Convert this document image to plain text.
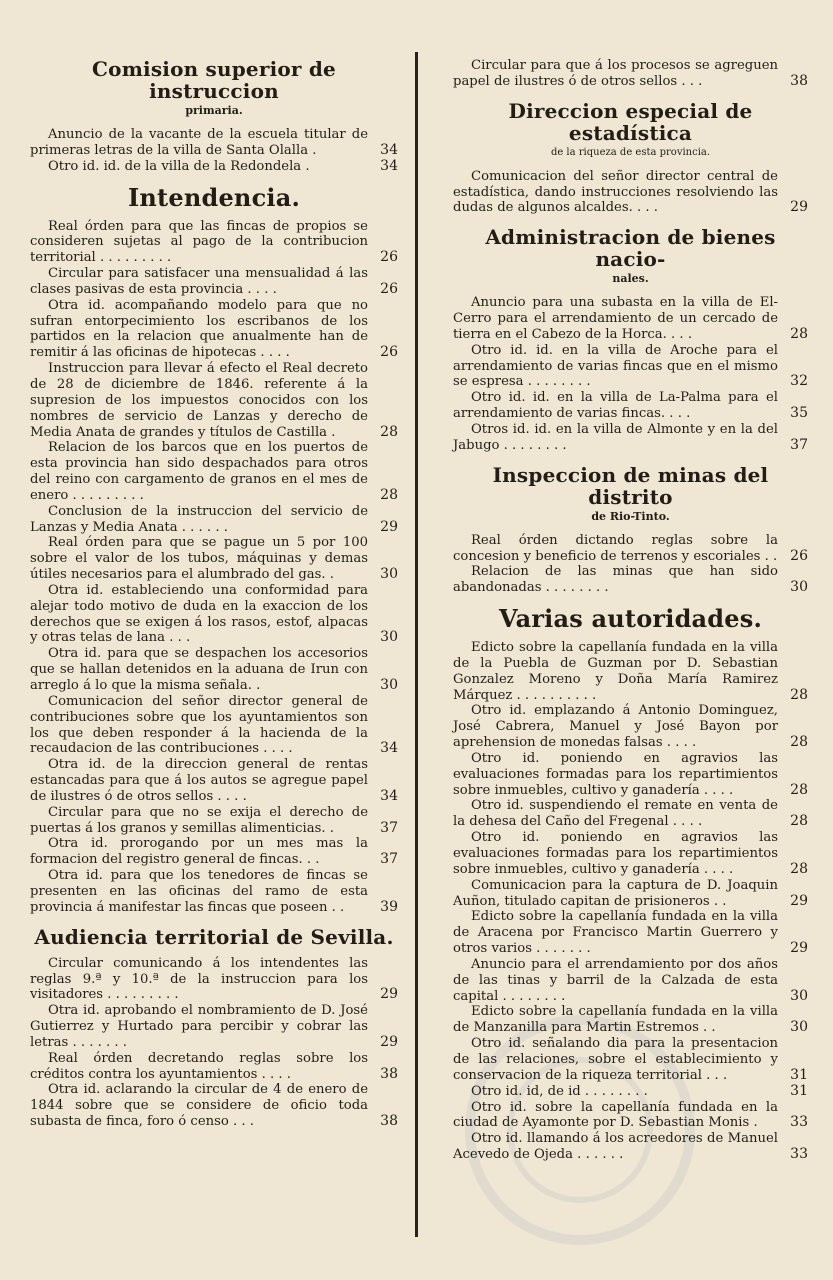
Comision superior de instruccion
primaria.
Anuncio de la vacante de la escuela titular de primeras letras de la villa de Santa Olalla .	34
Otro id. id. de la villa de la Redondela .	34
Intendencia.
Real órden para que las fincas de propios se consideren sujetas al pago de la contribucion territorial . . . . . . . . .	26
Circular para satisfacer una mensualidad á las clases pasivas de esta provincia . . . .	26
Otra id. acompañando modelo para que no sufran entorpecimiento los escribanos de los partidos en la relacion que anualmente han de remitir á las oficinas de hipotecas . . . .	26
Instruccion para llevar á efecto el Real decreto de 28 de diciembre de 1846. referente á la supresion de los impuestos conocidos con los nombres de servicio de Lanzas y derecho de Media Anata de grandes y títulos de Castilla .	28
Relacion de los barcos que en los puertos de esta provincia han sido despachados para otros del reino con cargamento de granos en el mes de enero . . . . . . . . .	28
Conclusion de la instruccion del servicio de Lanzas y Media Anata . . . . . .	29
Real órden para que se pague un 5 por 100 sobre el valor de los tubos, máquinas y demas útiles necesarios para el alumbrado del gas. .	30
Otra id. estableciendo una conformidad para alejar todo motivo de duda en la exaccion de los derechos que se exigen á los rasos, estof, alpacas y otras telas de lana . . .	30
Otra id. para que se despachen los accesorios que se hallan detenidos en la aduana de Irun con arreglo á lo que la misma señala. .	30
Comunicacion del señor director general de contribuciones sobre que los ayuntamientos son los que deben responder á la hacienda de la recaudacion de las contribuciones . . . .	34
Otra id. de la direccion general de rentas estancadas para que á los autos se agregue papel de ilustres ó de otros sellos . . . .	34
Circular para que no se exija el derecho de puertas á los granos y semillas alimenticias. .	37
Otra id. prorogando por un mes mas la formacion del registro general de fincas. . .	37
Otra id. para que los tenedores de fincas se presenten en las oficinas del ramo de esta provincia á manifestar las fincas que poseen . .	39
Audiencia territorial de Sevilla.
Circular comunicando á los intendentes las reglas 9.ª y 10.ª de la instruccion para los visitadores . . . . . . . . .	29
Otra id. aprobando el nombramiento de D. José Gutierrez y Hurtado para percibir y cobrar las letras . . . . . . .	29
Real órden decretando reglas sobre los créditos contra los ayuntamientos . . . .	38
Otra id. aclarando la circular de 4 de enero de 1844 sobre que se considere de oficio toda subasta de finca, foro ó censo . . .	38
Circular para que á los procesos se agreguen papel de ilustres ó de otros sellos . . .	38
Direccion especial de estadística
de la riqueza de esta provincia.
Comunicacion del señor director central de estadística, dando instrucciones resolviendo las dudas de algunos alcaldes. . . .	29
Administracion de bienes nacio-
nales.
Anuncio para una subasta en la villa de El-Cerro para el arrendamiento de un cercado de tierra en el Cabezo de la Horca. . . .	28
Otro id. id. en la villa de Aroche para el arrendamiento de varias fincas que en el mismo se espresa . . . . . . . .	32
Otro id. id. en la villa de La-Palma para el arrendamiento de varias fincas. . . .	35
Otros id. id. en la villa de Almonte y en la del Jabugo . . . . . . . .	37
Inspeccion de minas del distrito
de Rio-Tinto.
Real órden dictando reglas sobre la concesion y beneficio de terrenos y escoriales . . 26
Relacion de las minas que han sido abandonadas . . . . . . . .	30
Varias autoridades.
Edicto sobre la capellanía fundada en la villa de la Puebla de Guzman por D. Sebastian Gonzalez Moreno y Doña María Ramirez Márquez . . . . . . . . . .	28
Otro id. emplazando á Antonio Dominguez, José Cabrera, Manuel y José Bayon por aprehension de monedas falsas . . . .	28
Otro id. poniendo en agravios las evaluaciones formadas para los repartimientos sobre inmuebles, cultivo y ganadería . . . .	28
Otro id. suspendiendo el remate en venta de la dehesa del Caño del Fregenal . . . .	28
Otro id. poniendo en agravios las evaluaciones formadas para los repartimientos sobre inmuebles, cultivo y ganadería . . . .	28
Comunicacion para la captura de D. Joaquin Auñon, titulado capitan de prisioneros . .	29
Edicto sobre la capellanía fundada en la villa de Aracena por Francisco Martin Guerrero y otros varios . . . . . . .	29
Anuncio para el arrendamiento por dos años de las tinas y barril de la Calzada de esta capital . . . . . . . .	30
Edicto sobre la capellanía fundada en la villa de Manzanilla para Martin Estremos . .	30
Otro id. señalando dia para la presentacion de las relaciones, sobre el establecimiento y conservacion de la riqueza territorial . . .	31
Otro id. id, de id . . . . . . . .	31
Otro id. sobre la capellanía fundada en la ciudad de Ayamonte por D. Sebastian Monis . 33
Otro id. llamando á los acreedores de Manuel Acevedo de Ojeda . . . . . .	33
